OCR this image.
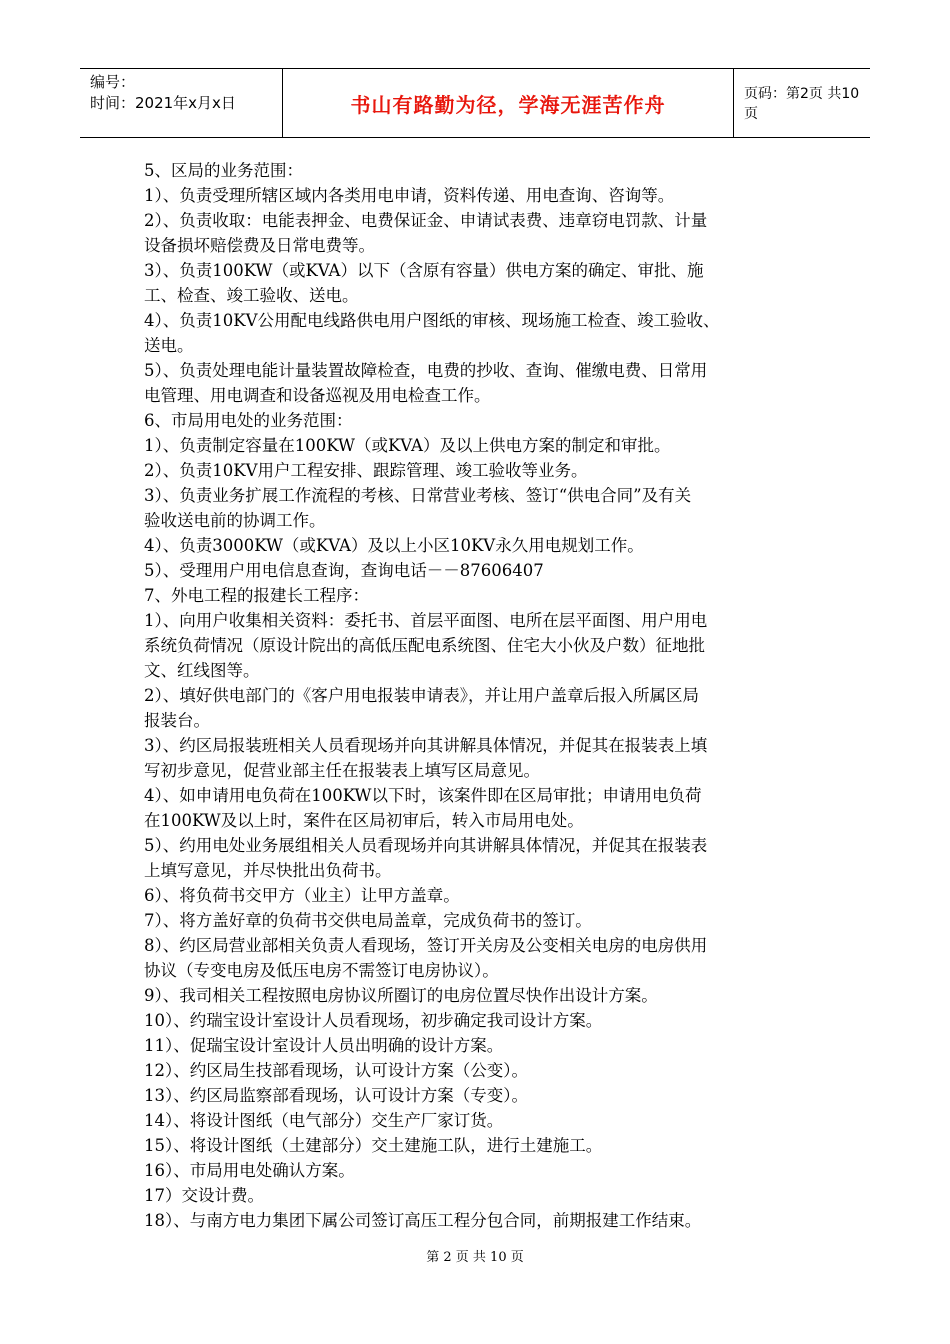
编号：
时间：2021年x月x日	书山有路勤为径，学海无涯苦作舟	页码：第2页 共10页
5、区局的业务范围：
1）、负责受理所辖区域内各类用电申请，资料传递、用电查询、咨询等。
2）、负责收取：电能表押金、电费保证金、申请试表费、违章窃电罚款、计量
设备损坏赔偿费及日常电费等。
3）、负责100KW（或KVA）以下（含原有容量）供电方案的确定、审批、施
工、检查、竣工验收、送电。
4）、负责10KV公用配电线路供电用户图纸的审核、现场施工检查、竣工验收、
送电。
5）、负责处理电能计量装置故障检查，电费的抄收、查询、催缴电费、日常用
电管理、用电调查和设备巡视及用电检查工作。
6、市局用电处的业务范围：
1）、负责制定容量在100KW（或KVA）及以上供电方案的制定和审批。
2）、负责10KV用户工程安排、跟踪管理、竣工验收等业务。
3）、负责业务扩展工作流程的考核、日常营业考核、签订“供电合同”及有关
验收送电前的协调工作。
4）、负责3000KW（或KVA）及以上小区10KV永久用电规划工作。
5）、受理用户用电信息查询，查询电话－－87606407
7、外电工程的报建长工程序：
1）、向用户收集相关资料：委托书、首层平面图、电所在层平面图、用户用电
系统负荷情况（原设计院出的高低压配电系统图、住宅大小伙及户数）征地批
文、红线图等。
2）、填好供电部门的《客户用电报装申请表》，并让用户盖章后报入所属区局
报装台。
3）、约区局报装班相关人员看现场并向其讲解具体情况，并促其在报装表上填
写初步意见，促营业部主任在报装表上填写区局意见。
4）、如申请用电负荷在100KW以下时，该案件即在区局审批；申请用电负荷
在100KW及以上时，案件在区局初审后，转入市局用电处。
5）、约用电处业务展组相关人员看现场并向其讲解具体情况，并促其在报装表
上填写意见，并尽快批出负荷书。
6）、将负荷书交甲方（业主）让甲方盖章。
7）、将方盖好章的负荷书交供电局盖章，完成负荷书的签订。
8）、约区局营业部相关负责人看现场，签订开关房及公变相关电房的电房供用
协议（专变电房及低压电房不需签订电房协议）。
9）、我司相关工程按照电房协议所圈订的电房位置尽快作出设计方案。
10）、约瑞宝设计室设计人员看现场，初步确定我司设计方案。
11）、促瑞宝设计室设计人员出明确的设计方案。
12）、约区局生技部看现场，认可设计方案（公变）。
13）、约区局监察部看现场，认可设计方案（专变）。
14）、将设计图纸（电气部分）交生产厂家订货。
15）、将设计图纸（土建部分）交土建施工队，进行土建施工。
16）、市局用电处确认方案。
17）交设计费。
18）、与南方电力集团下属公司签订高压工程分包合同，前期报建工作结束。
第 2 页 共 10 页
